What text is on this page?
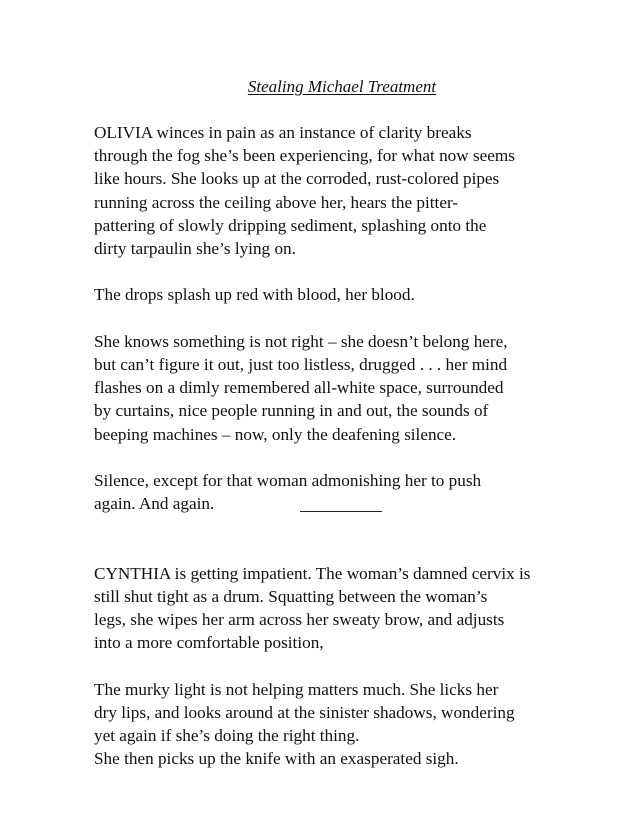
Stealing Michael Treatment

OLIVIA winces in pain as an instance of clarity breaks
through the fog she’s been experiencing, for what now seems
like hours. She looks up at the corroded, rust-colored pipes
running across the ceiling above her, hears the pitter-
pattering of slowly dripping sediment, splashing onto the
dirty tarpaulin she’s lying on.

The drops splash up red with blood, her blood.

She knows something is not right – she doesn’t belong here,
but can’t figure it out, just too listless, drugged . . . her mind
flashes on a dimly remembered all-white space, surrounded
by curtains, nice people running in and out, the sounds of
beeping machines – now, only the deafening silence.

Silence, except for that woman admonishing her to push
again. And again.

CYNTHIA is getting impatient. The woman’s damned cervix is
still shut tight as a drum. Squatting between the woman’s
legs, she wipes her arm across her sweaty brow, and adjusts
into a more comfortable position,

The murky light is not helping matters much. She licks her
dry lips, and looks around at the sinister shadows, wondering
yet again if she’s doing the right thing.
She then picks up the knife with an exasperated sigh.
